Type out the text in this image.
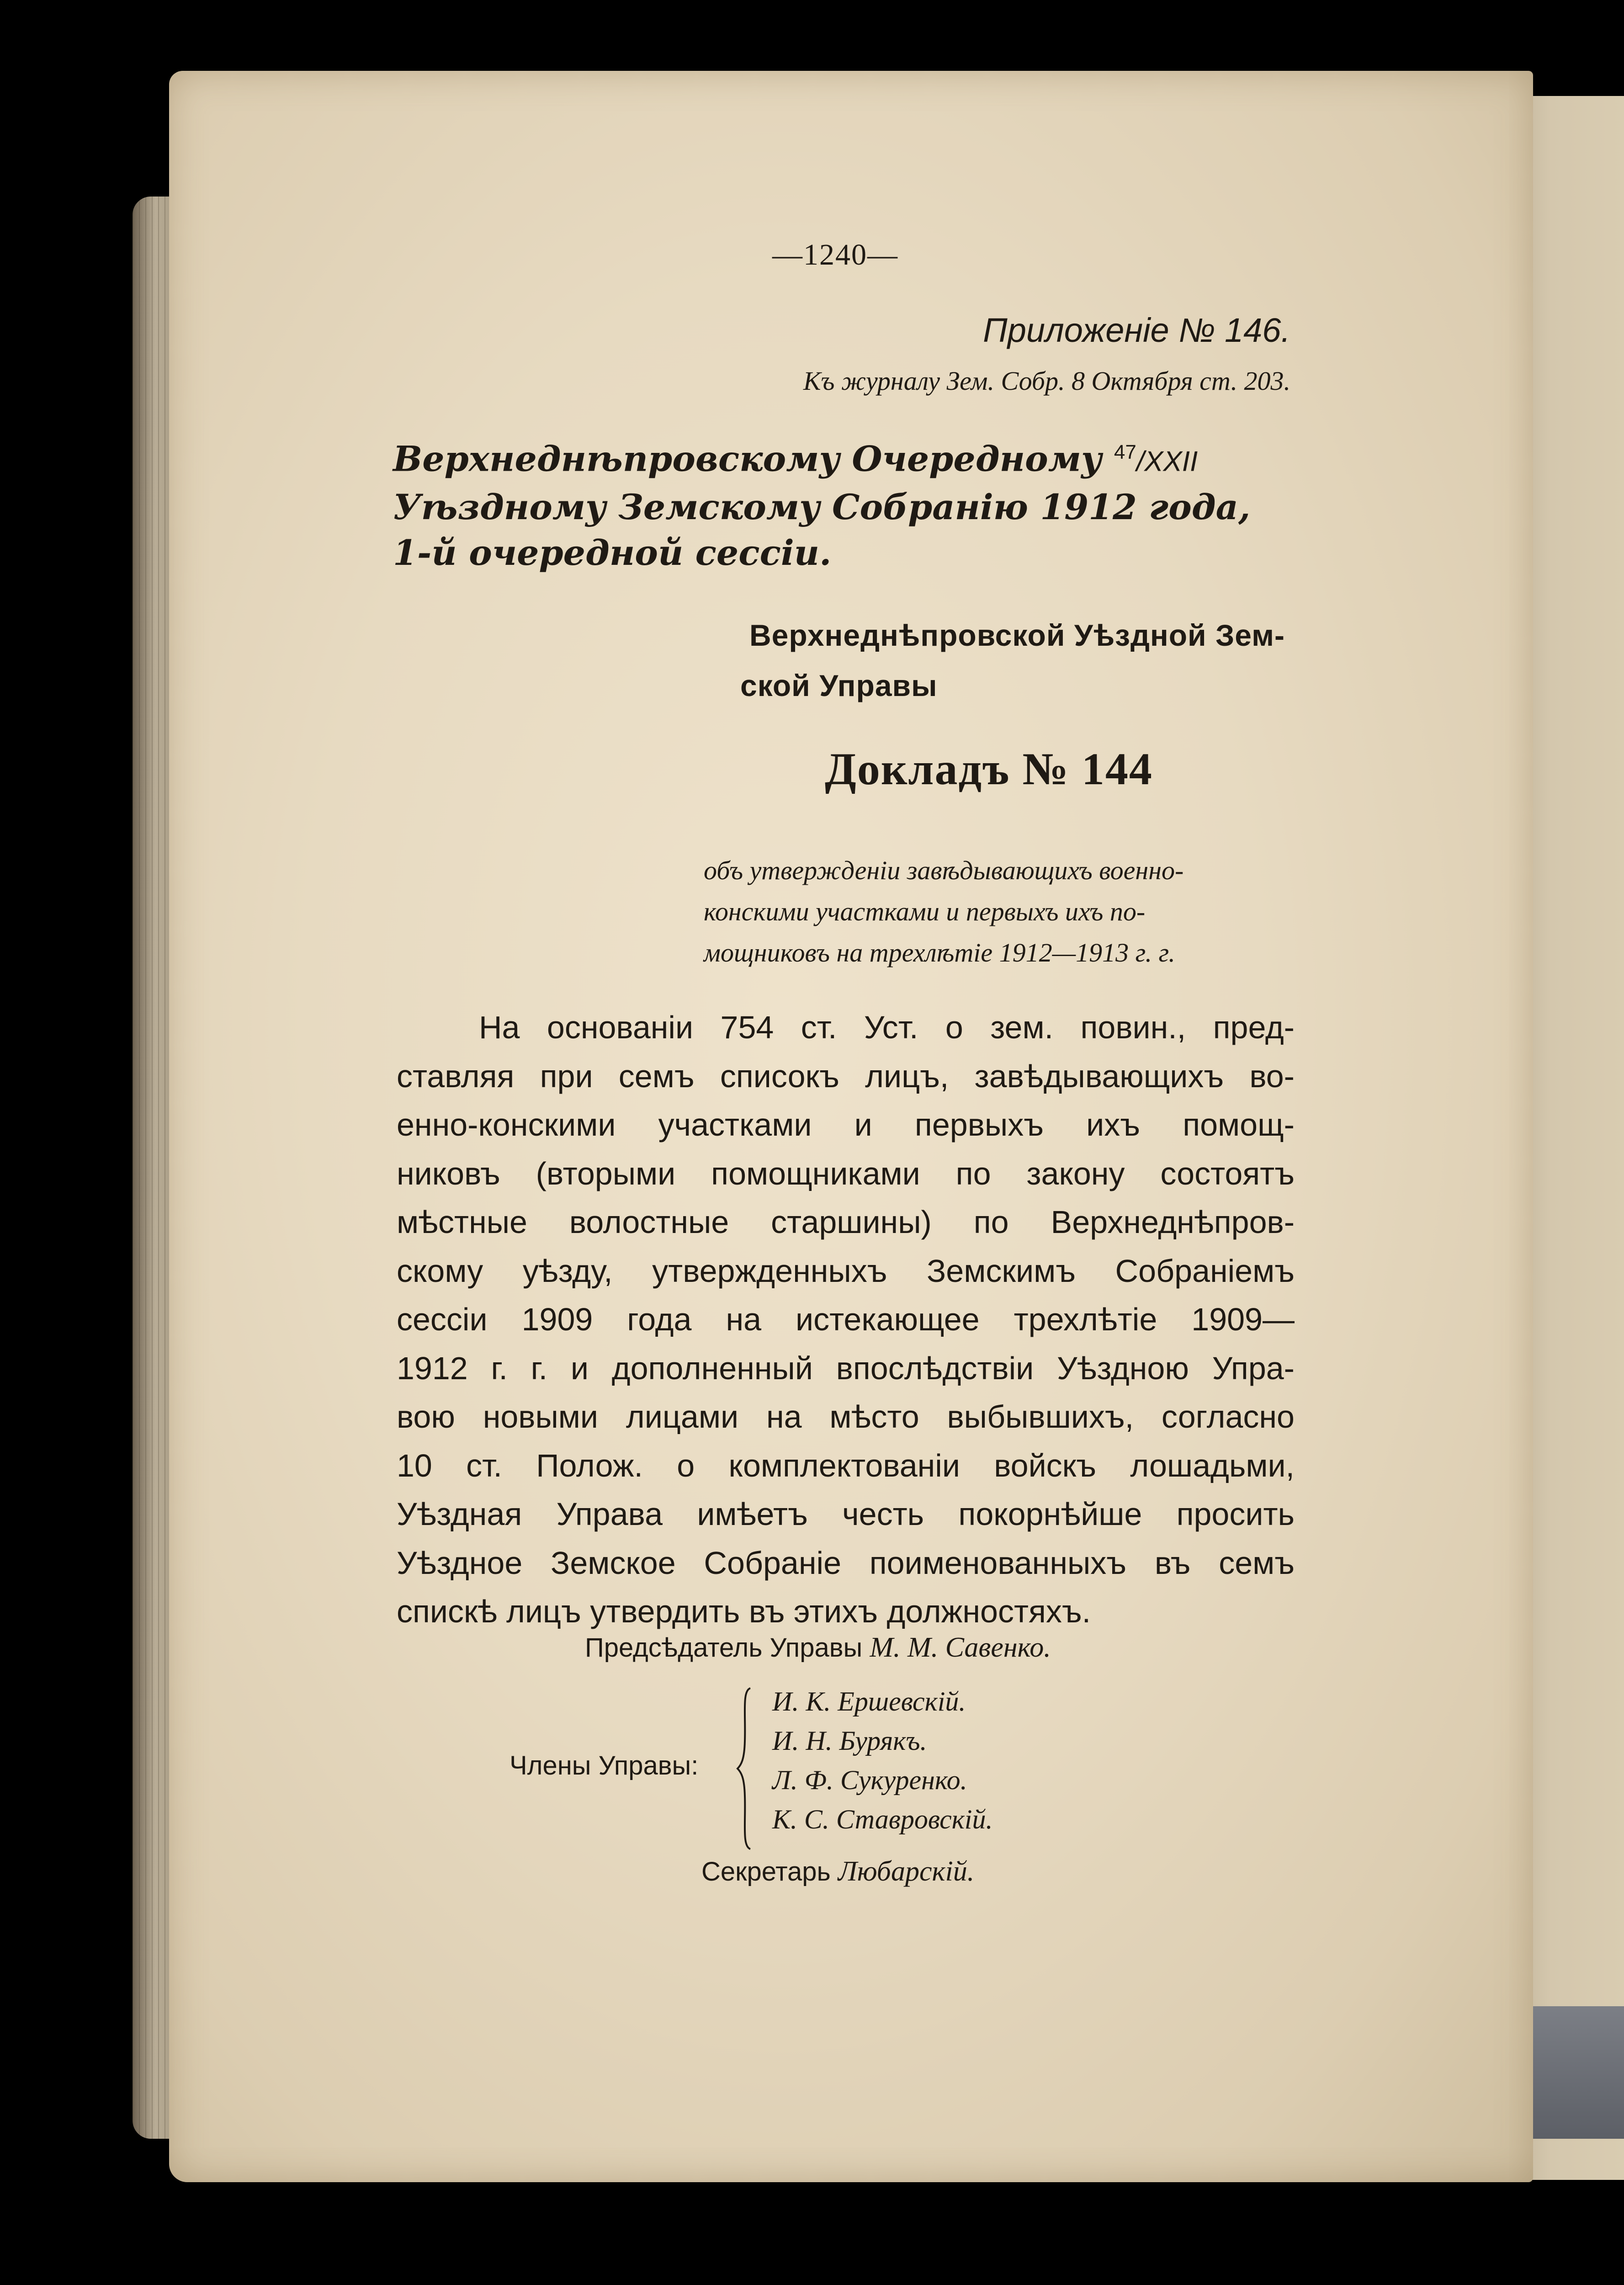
—1240—
Приложенiе № 146.
Къ журналу Зем. Собр. 8 Октября ст. 203.
Верхнеднѣпровскому Очередному $^{47}$/XXII
Уѣздному Земскому Собранiю 1912 года,
1-й очередной сессiи.
Верхнеднѣпровской Уѣздной Зем-
ской Управы
Докладъ № 144
объ утвержденiи завѣдывающихъ военно-
конскими участками и первыхъ ихъ по-
мощниковъ на трехлѣтiе 1912—1913 г. г.
На основанiи 754 ст. Уст. о зем. повин., пред-
ставляя при семъ списокъ лицъ, завѣдывающихъ во-
енно-конскими участками и первыхъ ихъ помощ-
никовъ (вторыми помощниками по закону состоятъ
мѣстные волостные старшины) по Верхнеднѣпров-
скому уѣзду, утвержденныхъ Земскимъ Собранiемъ
сессiи 1909 года на истекающее трехлѣтiе 1909—
1912 г. г. и дополненный впослѣдствiи Уѣздною Упра-
вою новыми лицами на мѣсто выбывшихъ, согласно
10 ст. Полож. о комплектованiи войскъ лошадьми,
Уѣздная Управа имѣетъ честь покорнѣйше просить
Уѣздное Земское Собранiе поименованныхъ въ семъ
спискѣ лицъ утвердить въ этихъ должностяхъ.
Предсѣдатель Управы М. М. Савенко.
Члены Управы:
И. К. Ершевскiй.
И. Н. Бурякъ.
Л. Ф. Сукуренко.
К. С. Ставровскiй.
Секретарь Любарскiй.
